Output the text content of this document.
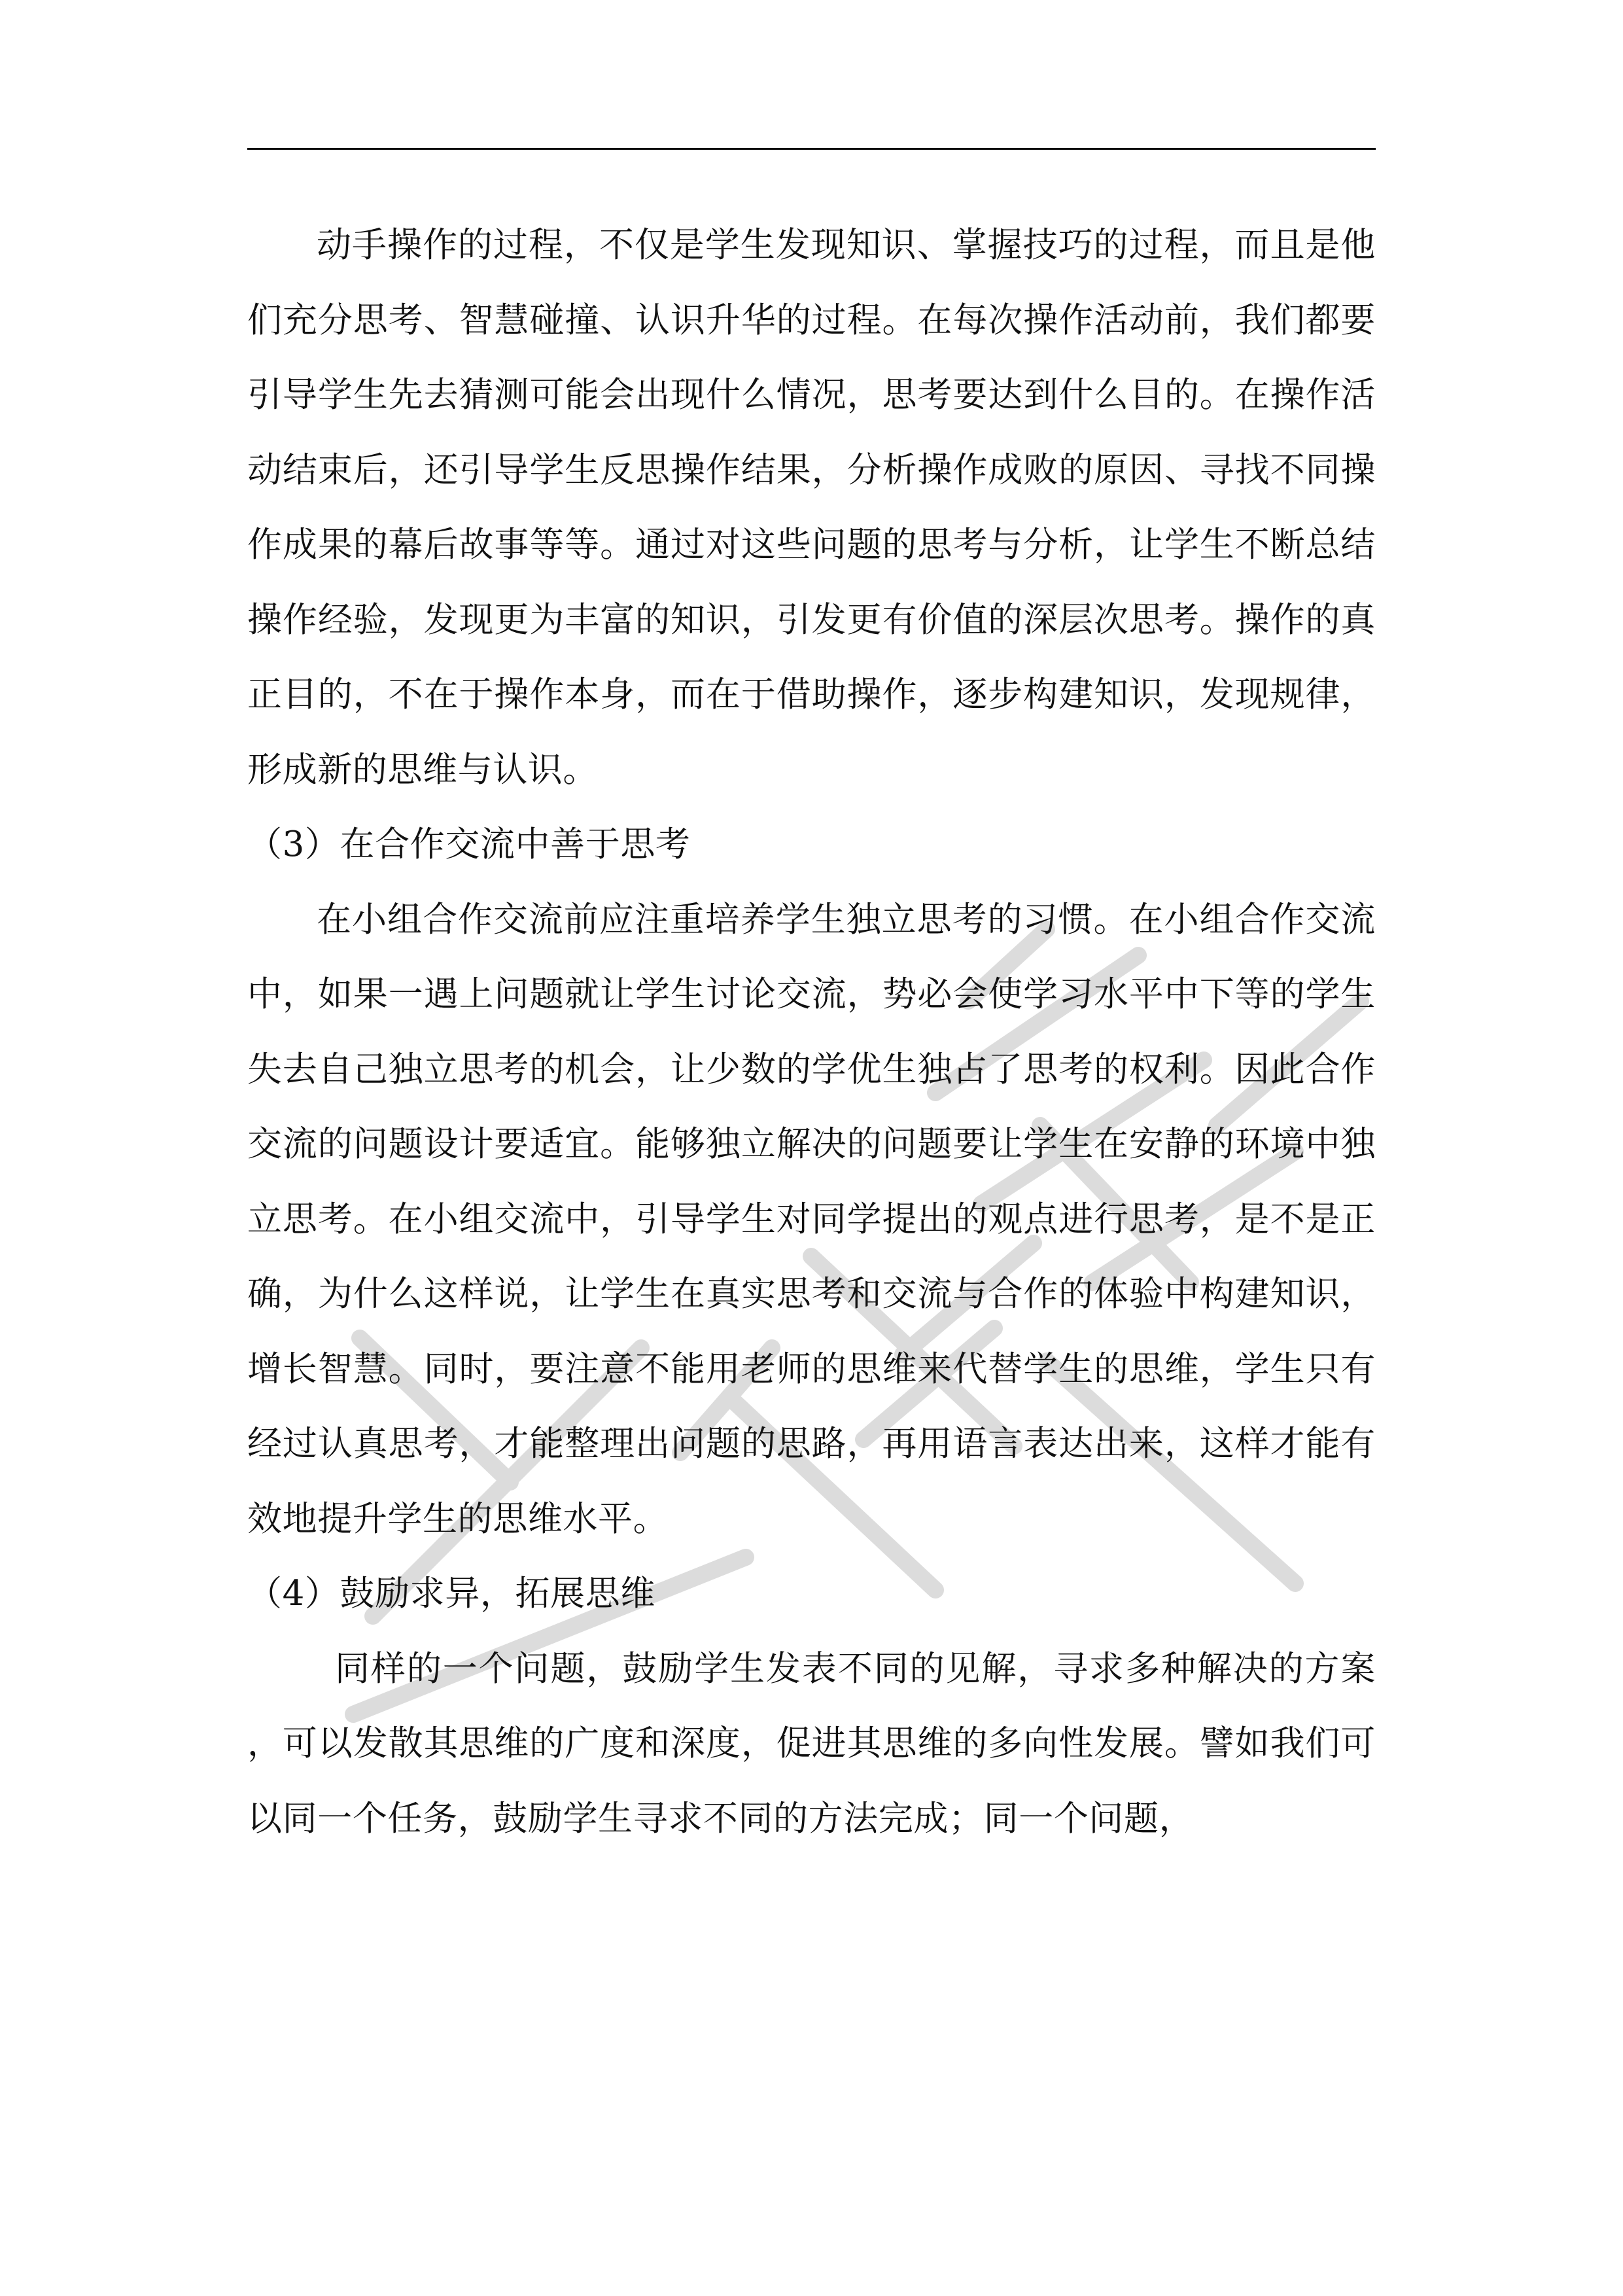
动手操作的过程，不仅是学生发现知识、掌握技巧的过程，而且是他们充分思考、智慧碰撞、认识升华的过程。在每次操作活动前，我们都要引导学生先去猜测可能会出现什么情况，思考要达到什么目的。在操作活动结束后，还引导学生反思操作结果，分析操作成败的原因、寻找不同操作成果的幕后故事等等。通过对这些问题的思考与分析，让学生不断总结操作经验，发现更为丰富的知识，引发更有价值的深层次思考。操作的真正目的，不在于操作本身，而在于借助操作，逐步构建知识，发现规律，形成新的思维与认识。

（3）在合作交流中善于思考

在小组合作交流前应注重培养学生独立思考的习惯。在小组合作交流中，如果一遇上问题就让学生讨论交流，势必会使学习水平中下等的学生失去自己独立思考的机会，让少数的学优生独占了思考的权利。因此合作交流的问题设计要适宜。能够独立解决的问题要让学生在安静的环境中独立思考。在小组交流中，引导学生对同学提出的观点进行思考，是不是正确，为什么这样说，让学生在真实思考和交流与合作的体验中构建知识，增长智慧。同时，要注意不能用老师的思维来代替学生的思维，学生只有经过认真思考，才能整理出问题的思路，再用语言表达出来，这样才能有效地提升学生的思维水平。

（4）鼓励求异，拓展思维

同样的一个问题，鼓励学生发表不同的见解，寻求多种解决的方案，可以发散其思维的广度和深度，促进其思维的多向性发展。譬如我们可以同一个任务，鼓励学生寻求不同的方法完成；同一个问题，
